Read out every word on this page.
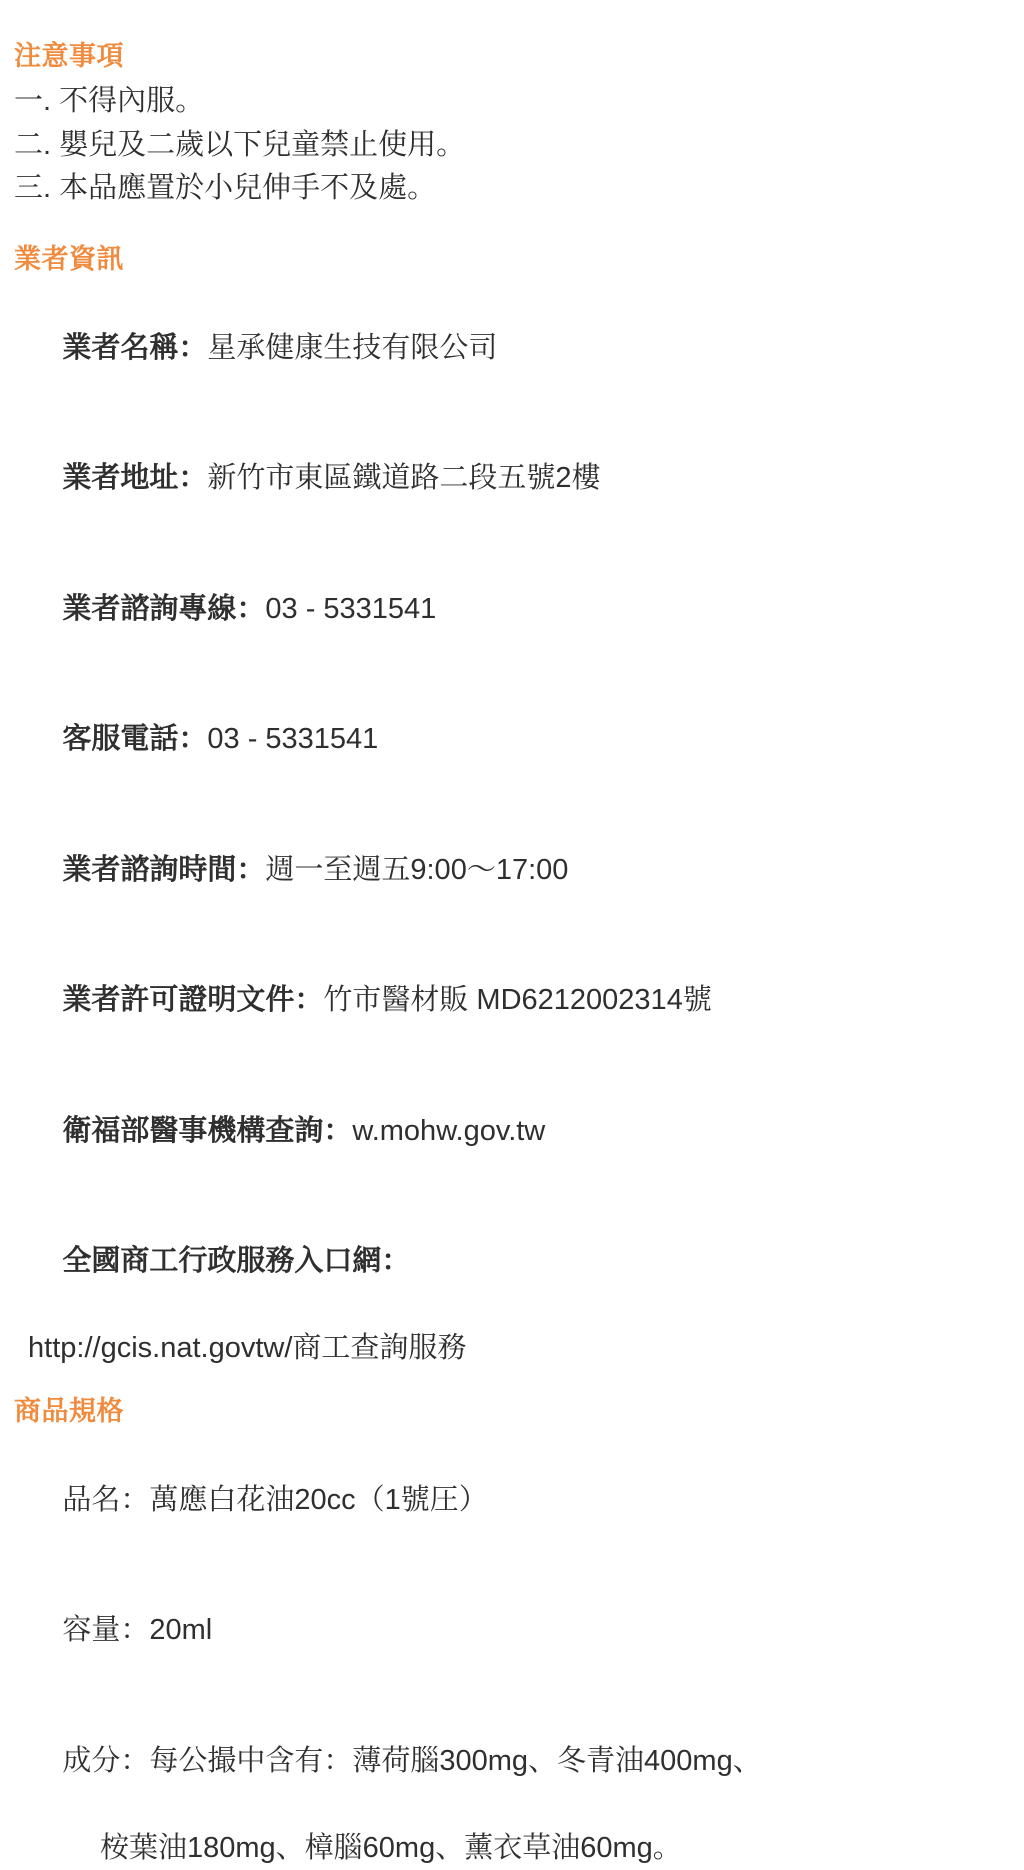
注意事項
一. 不得內服。
二. 嬰兒及二歲以下兒童禁止使用。
三. 本品應置於小兒伸手不及處。
業者資訊

業者名稱：星承健康生技有限公司

業者地址：新竹市東區鐵道路二段五號2樓

業者諮詢專線：03 - 5331541

客服電話：03 - 5331541

業者諮詢時間：週一至週五9:00～17:00

業者許可證明文件：竹市醫材販 MD6212002314號

衛福部醫事機構查詢：w.mohw.gov.tw

全國商工行政服務入口網：

http://gcis.nat.govtw/商工查詢服務
商品規格

品名：萬應白花油20cc（1號圧）

容量：20ml

成分：每公撮中含有：薄荷腦300mg、冬青油400mg、

桉葉油180mg、樟腦60mg、薰衣草油60mg。
